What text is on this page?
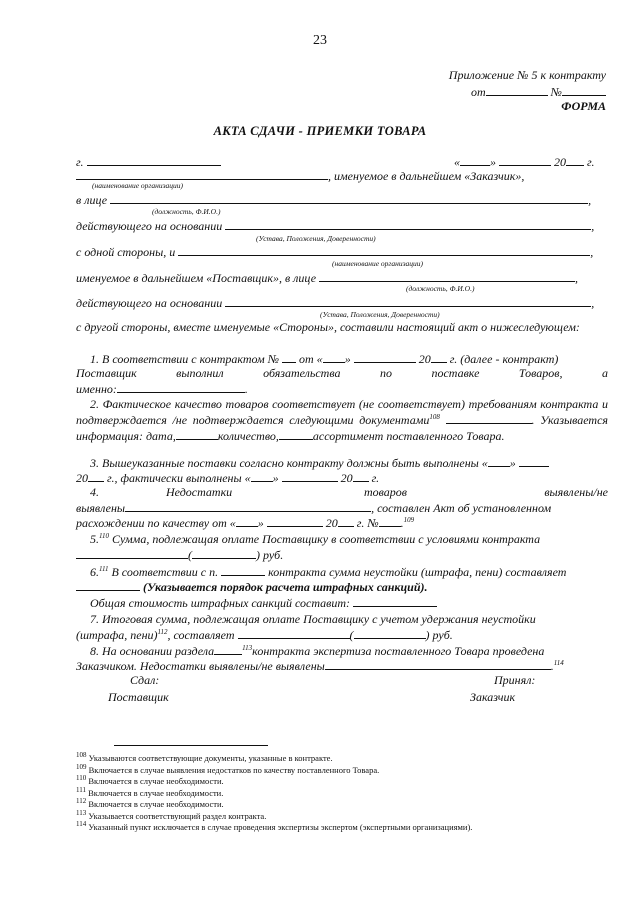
23
Приложение № 5 к контракту
от	№
ФОРМА
АКТА СДАЧИ - ПРИЕМКИ ТОВАРА
г.	«	»	20 г.
, именуемое в дальнейшем «Заказчик»,
(наименование организации)
в лице	,
(должность, Ф.И.О.)
действующего на основании	,
(Устава, Положения, Доверенности)
с одной стороны, и	,
(наименование организации)
именуемое в дальнейшем «Поставщик», в лице	,
(должность, Ф.И.О.)
действующего на основании	,
(Устава, Положения, Доверенности)
с другой стороны, вместе именуемые «Стороны», составили настоящий акт о нижеследующем:
1. В соответствии с контрактом № от « »	20 г. (далее - контракт)
Поставщик выполнил обязательства по поставке Товаров, а
именно:	.
2. Фактическое качество товаров соответствует (не соответствует) требованиям контракта и подтверждается /не подтверждается следующими документами$^{108}$	. Указывается информация: дата,	количество,	ассортимент поставленного Товара.
3. Вышеуказанные поставки согласно контракту должны быть выполнены « »
20 г., фактически выполнены « »	20 г.
4.	Недостатки	товаров	выявлены/не
выявлены	, составлен Акт об установленном
расхождении по качеству от « »	20 г. № .$^{109}$
5.$^{110}$ Сумма, подлежащая оплате Поставщику в соответствии с условиями контракта
(	) руб.
6.$^{111}$ В соответствии с п.	контракта сумма неустойки (штрафа, пени) составляет
(Указывается порядок расчета штрафных санкций).
Общая стоимость штрафных санкций составит:
7. Итоговая сумма, подлежащая оплате Поставщику с учетом удержания неустойки
(штрафа, пени)$^{112}$, составляет	(	) руб.
8. На основании раздела	$^{113}$контракта экспертиза поставленного Товара проведена
Заказчиком. Недостатки выявлены/не выявлены	.$^{114}$
Сдал:	Принял:
Поставщик	Заказчик
$^{108}$ Указываются соответствующие документы, указанные в контракте.
$^{109}$ Включается в случае выявления недостатков по качеству поставленного Товара.
$^{110}$ Включается в случае необходимости.
$^{111}$ Включается в случае необходимости.
$^{112}$ Включается в случае необходимости.
$^{113}$ Указывается соответствующий раздел контракта.
$^{114}$ Указанный пункт исключается в случае проведения экспертизы экспертом (экспертными организациями).
